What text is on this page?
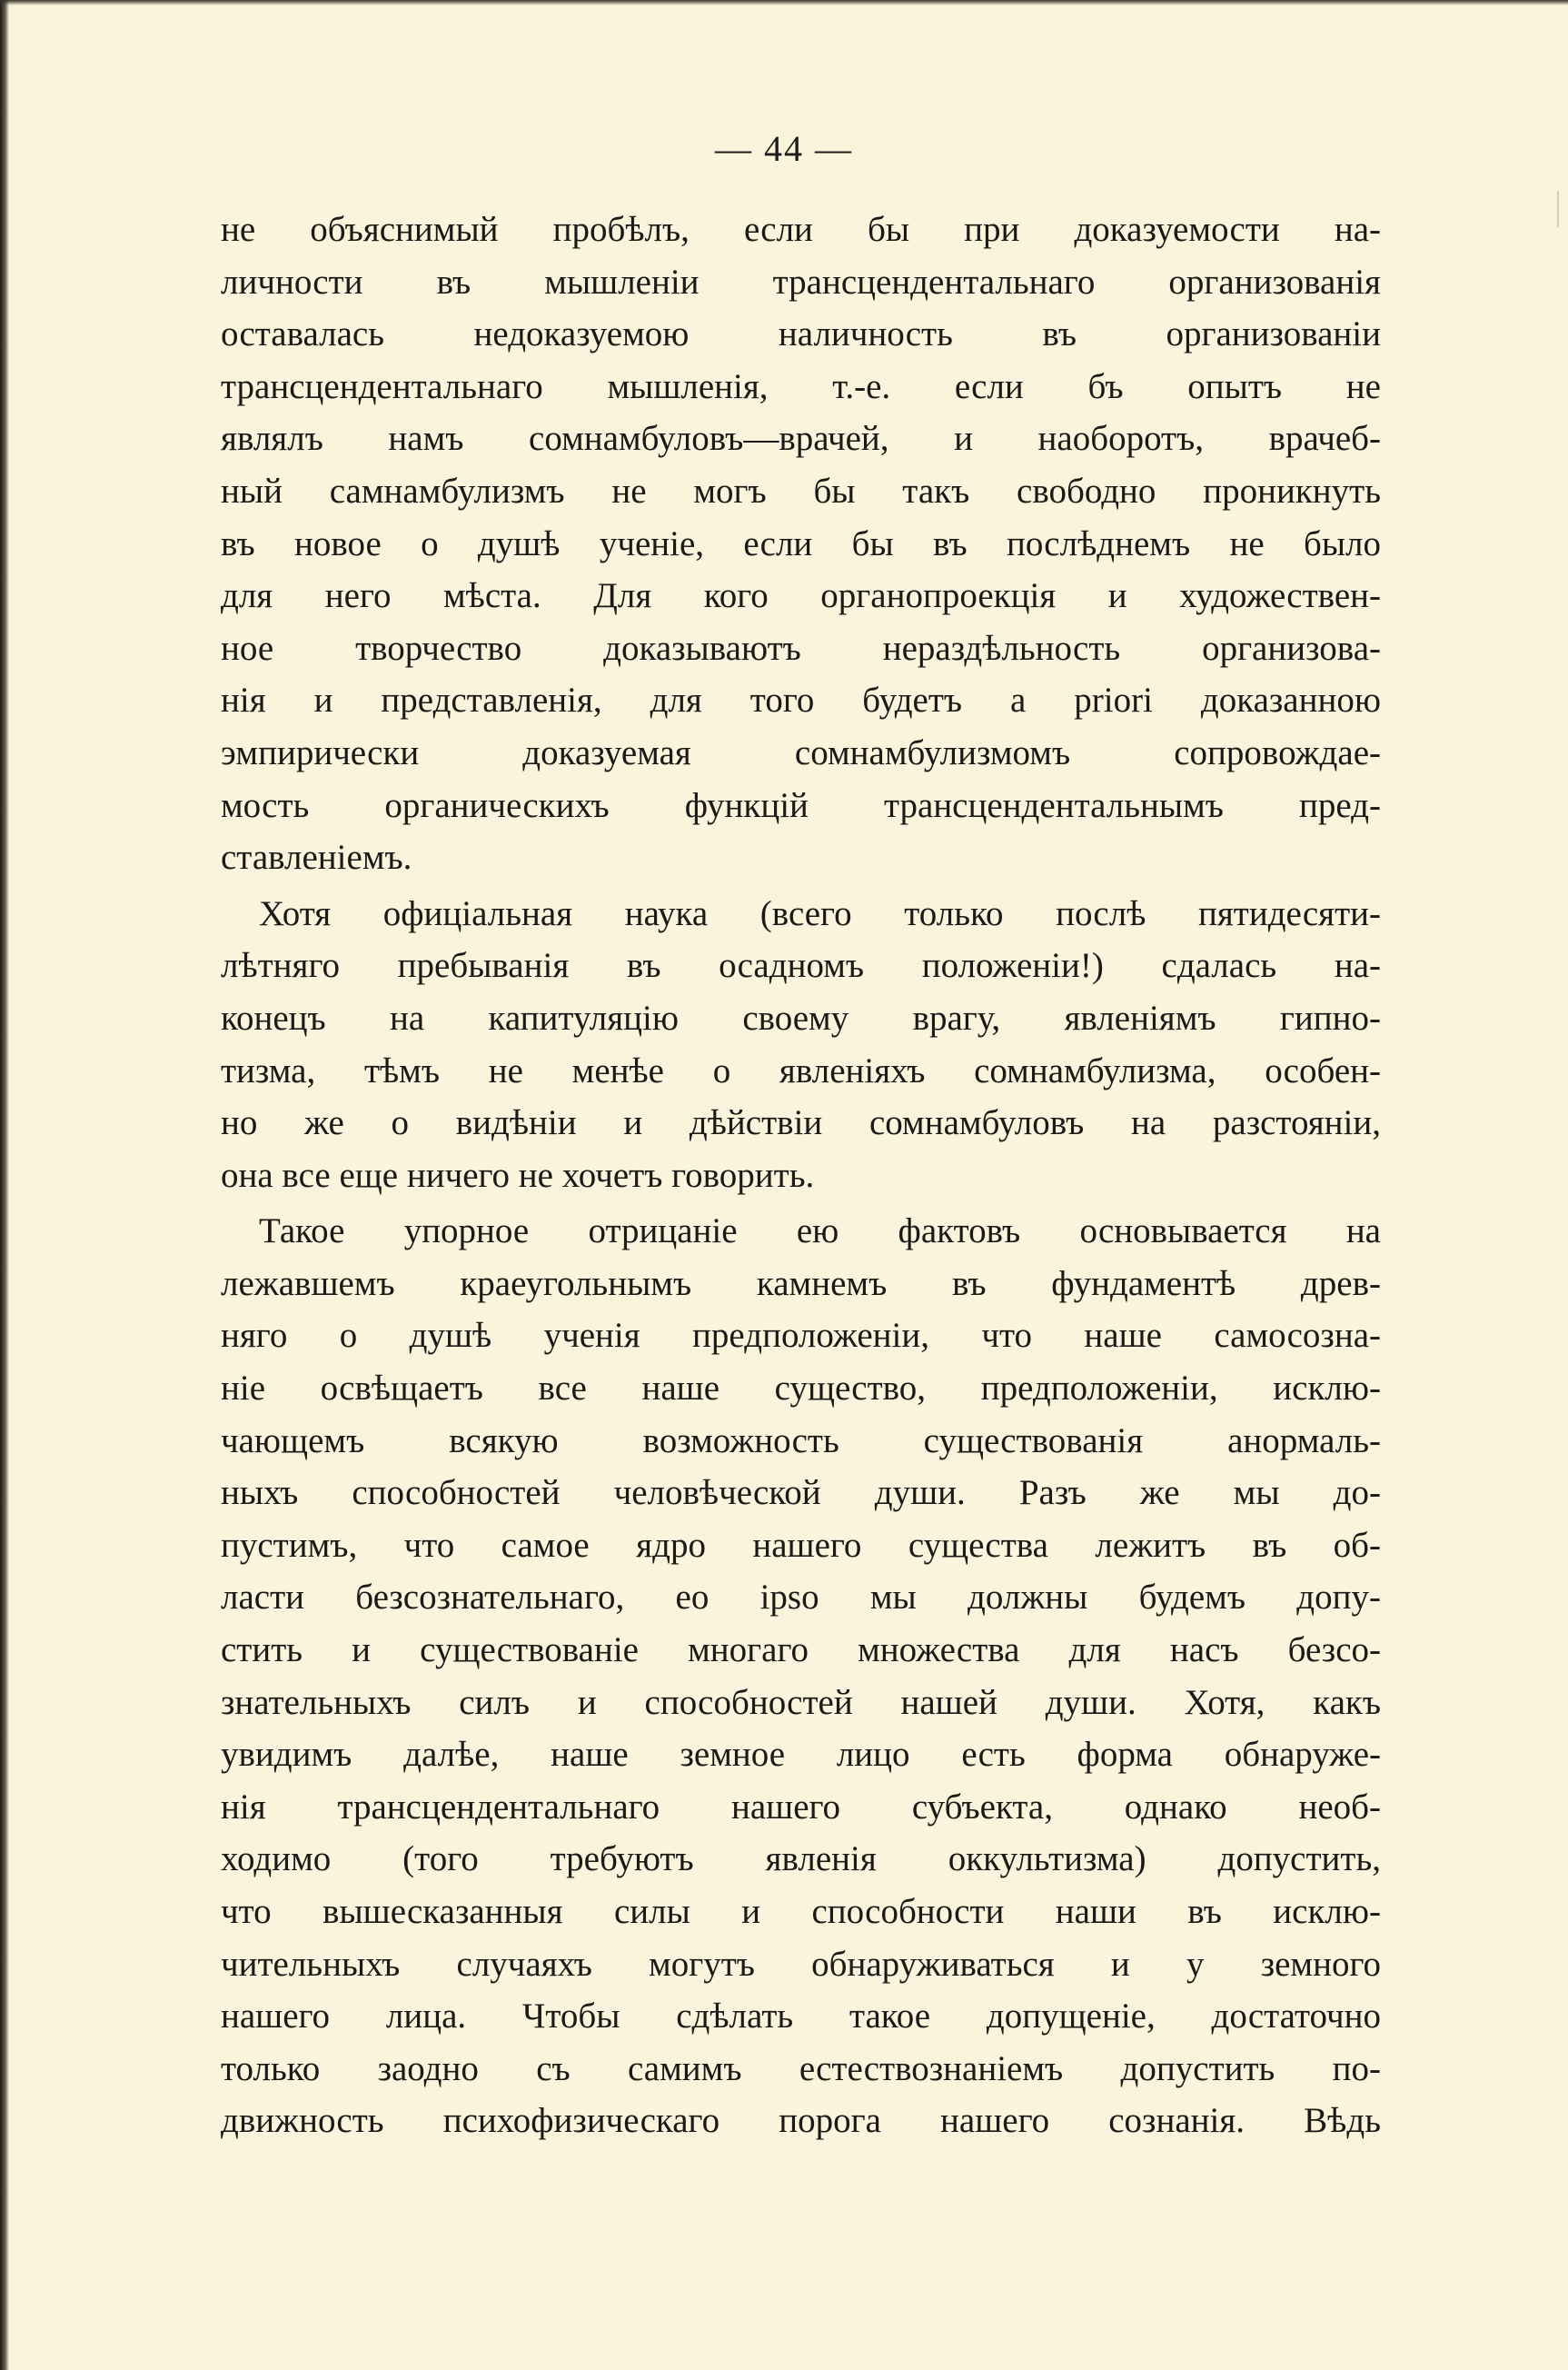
— 44 —
не объяснимый пробѣлъ, если бы при доказуемости на-
личности въ мышленіи трансцендентальнаго организованія
оставалась недоказуемою наличность въ организованіи
трансцендентальнаго мышленія, т.-е. если бъ опытъ не
являлъ намъ сомнамбуловъ—врачей, и наоборотъ, врачеб-
ный самнамбулизмъ не могъ бы такъ свободно проникнуть
въ новое о душѣ ученіе, если бы въ послѣднемъ не было
для него мѣста. Для кого органопроекція и художествен-
ное творчество доказываютъ нераздѣльность организова-
нія и представленія, для того будетъ a priori доказанною
эмпирически доказуемая сомнамбулизмомъ сопровождае-
мость органическихъ функцій трансцендентальнымъ пред-
ставленіемъ.
Хотя офиціальная наука (всего только послѣ пятидесяти-
лѣтняго пребыванія въ осадномъ положеніи!) сдалась на-
конецъ на капитуляцію своему врагу, явленіямъ гипно-
тизма, тѣмъ не менѣе о явленіяхъ сомнамбулизма, особен-
но же о видѣніи и дѣйствіи сомнамбуловъ на разстояніи,
она все еще ничего не хочетъ говорить.
Такое упорное отрицаніе ею фактовъ основывается на
лежавшемъ краеугольнымъ камнемъ въ фундаментѣ древ-
няго о душѣ ученія предположеніи, что наше самосозна-
ніе освѣщаетъ все наше существо, предположеніи, исклю-
чающемъ всякую возможность существованія анормаль-
ныхъ способностей человѣческой души. Разъ же мы до-
пустимъ, что самое ядро нашего существа лежитъ въ об-
ласти безсознательнаго, eo ipso мы должны будемъ допу-
стить и существованіе многаго множества для насъ безсо-
знательныхъ силъ и способностей нашей души. Хотя, какъ
увидимъ далѣе, наше земное лицо есть форма обнаруже-
нія трансцендентальнаго нашего субъекта, однако необ-
ходимо (того требуютъ явленія оккультизма) допустить,
что вышесказанныя силы и способности наши въ исклю-
чительныхъ случаяхъ могутъ обнаруживаться и у земного
нашего лица. Чтобы сдѣлать такое допущеніе, достаточно
только заодно съ самимъ естествознаніемъ допустить по-
движность психофизическаго порога нашего сознанія. Вѣдь
